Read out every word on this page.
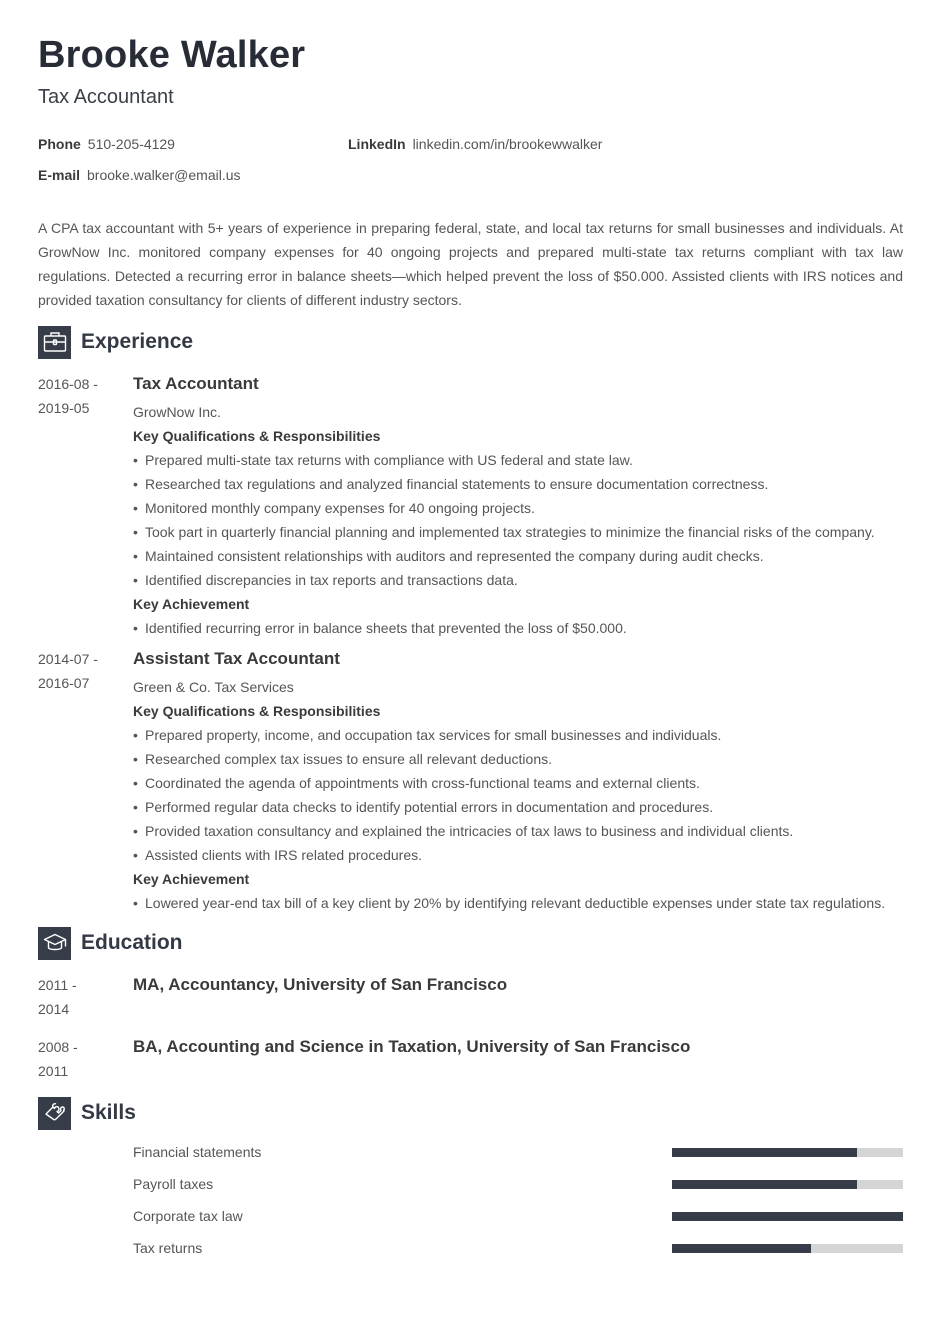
Brooke Walker
Tax Accountant
Phone 510-205-4129	LinkedIn linkedin.com/in/brookewwalker
E-mail brooke.walker@email.us
A CPA tax accountant with 5+ years of experience in preparing federal, state, and local tax returns for small businesses and individuals. At GrowNow Inc. monitored company expenses for 40 ongoing projects and prepared multi-state tax returns compliant with tax law regulations. Detected a recurring error in balance sheets—which helped prevent the loss of $50.000. Assisted clients with IRS notices and provided taxation consultancy for clients of different industry sectors.
Experience
2016-08 -
2019-05
Tax Accountant
GrowNow Inc.
Key Qualifications & Responsibilities
• Prepared multi-state tax returns with compliance with US federal and state law.
• Researched tax regulations and analyzed financial statements to ensure documentation correctness.
• Monitored monthly company expenses for 40 ongoing projects.
• Took part in quarterly financial planning and implemented tax strategies to minimize the financial risks of the company.
• Maintained consistent relationships with auditors and represented the company during audit checks.
• Identified discrepancies in tax reports and transactions data.
Key Achievement
• Identified recurring error in balance sheets that prevented the loss of $50.000.
2014-07 -
2016-07
Assistant Tax Accountant
Green & Co. Tax Services
Key Qualifications & Responsibilities
• Prepared property, income, and occupation tax services for small businesses and individuals.
• Researched complex tax issues to ensure all relevant deductions.
• Coordinated the agenda of appointments with cross-functional teams and external clients.
• Performed regular data checks to identify potential errors in documentation and procedures.
• Provided taxation consultancy and explained the intricacies of tax laws to business and individual clients.
• Assisted clients with IRS related procedures.
Key Achievement
• Lowered year-end tax bill of a key client by 20% by identifying relevant deductible expenses under state tax regulations.
Education
2011 -
2014
MA, Accountancy, University of San Francisco
2008 -
2011
BA, Accounting and Science in Taxation, University of San Francisco
Skills
Financial statements
Payroll taxes
Corporate tax law
Tax returns
